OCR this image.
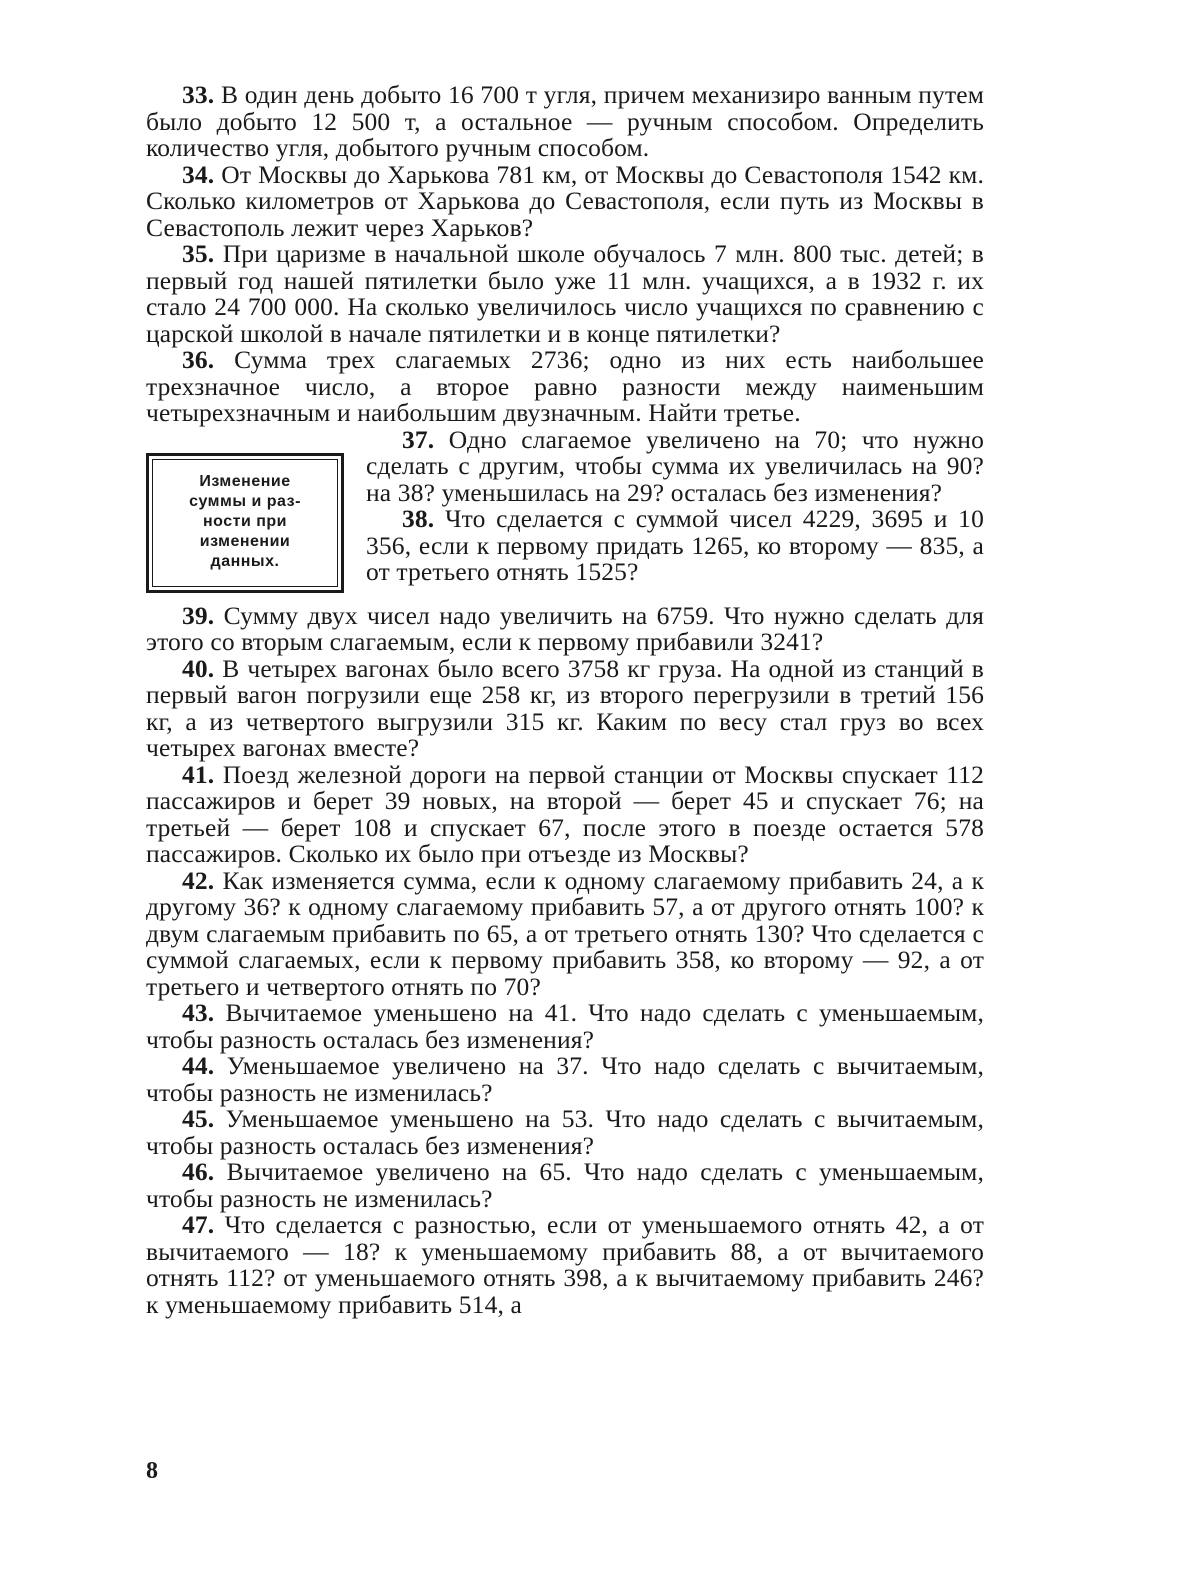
33. В один день добыто 16 700 т угля, причем механизиро ванным путем было добыто 12 500 т, а остальное — ручным способом. Определить количество угля, добытого ручным способом.

34. От Москвы до Харькова 781 км, от Москвы до Севастополя 1542 км. Сколько километров от Харькова до Севастополя, если путь из Москвы в Севастополь лежит через Харьков?

35. При царизме в начальной школе обучалось 7 млн. 800 тыс. детей; в первый год нашей пятилетки было уже 11 млн. учащихся, а в 1932 г. их стало 24 700 000. На сколько увеличилось число учащихся по сравнению с царской школой в начале пятилетки и в конце пятилетки?

36. Сумма трех слагаемых 2736; одно из них есть наибольшее трехзначное число, а второе равно разности между наименьшим четырехзначным и наибольшим двузначным. Найти третье.

Изменение
суммы и раз-
ности при
изменении
данных.

37. Одно слагаемое увеличено на 70; что нужно сделать с другим, чтобы сумма их увеличилась на 90? на 38? уменьшилась на 29? осталась без изменения?

38. Что сделается с суммой чисел 4229, 3695 и 10 356, если к первому придать 1265, ко второму — 835, а от третьего отнять 1525?

39. Сумму двух чисел надо увеличить на 6759. Что нужно сделать для этого со вторым слагаемым, если к первому прибавили 3241?

40. В четырех вагонах было всего 3758 кг груза. На одной из станций в первый вагон погрузили еще 258 кг, из второго перегрузили в третий 156 кг, а из четвертого выгрузили 315 кг. Каким по весу стал груз во всех четырех вагонах вместе?

41. Поезд железной дороги на первой станции от Москвы спускает 112 пассажиров и берет 39 новых, на второй — берет 45 и спускает 76; на третьей — берет 108 и спускает 67, после этого в поезде остается 578 пассажиров. Сколько их было при отъезде из Москвы?

42. Как изменяется сумма, если к одному слагаемому прибавить 24, а к другому 36? к одному слагаемому прибавить 57, а от другого отнять 100? к двум слагаемым прибавить по 65, а от третьего отнять 130? Что сделается с суммой слагаемых, если к первому прибавить 358, ко второму — 92, а от третьего и четвертого отнять по 70?

43. Вычитаемое уменьшено на 41. Что надо сделать с уменьшаемым, чтобы разность осталась без изменения?

44. Уменьшаемое увеличено на 37. Что надо сделать с вычитаемым, чтобы разность не изменилась?

45. Уменьшаемое уменьшено на 53. Что надо сделать с вычитаемым, чтобы разность осталась без изменения?

46. Вычитаемое увеличено на 65. Что надо сделать с уменьшаемым, чтобы разность не изменилась?

47. Что сделается с разностью, если от уменьшаемого отнять 42, а от вычитаемого — 18? к уменьшаемому прибавить 88, а от вычитаемого отнять 112? от уменьшаемого отнять 398, а к вычитаемому прибавить 246? к уменьшаемому прибавить 514, а

8
